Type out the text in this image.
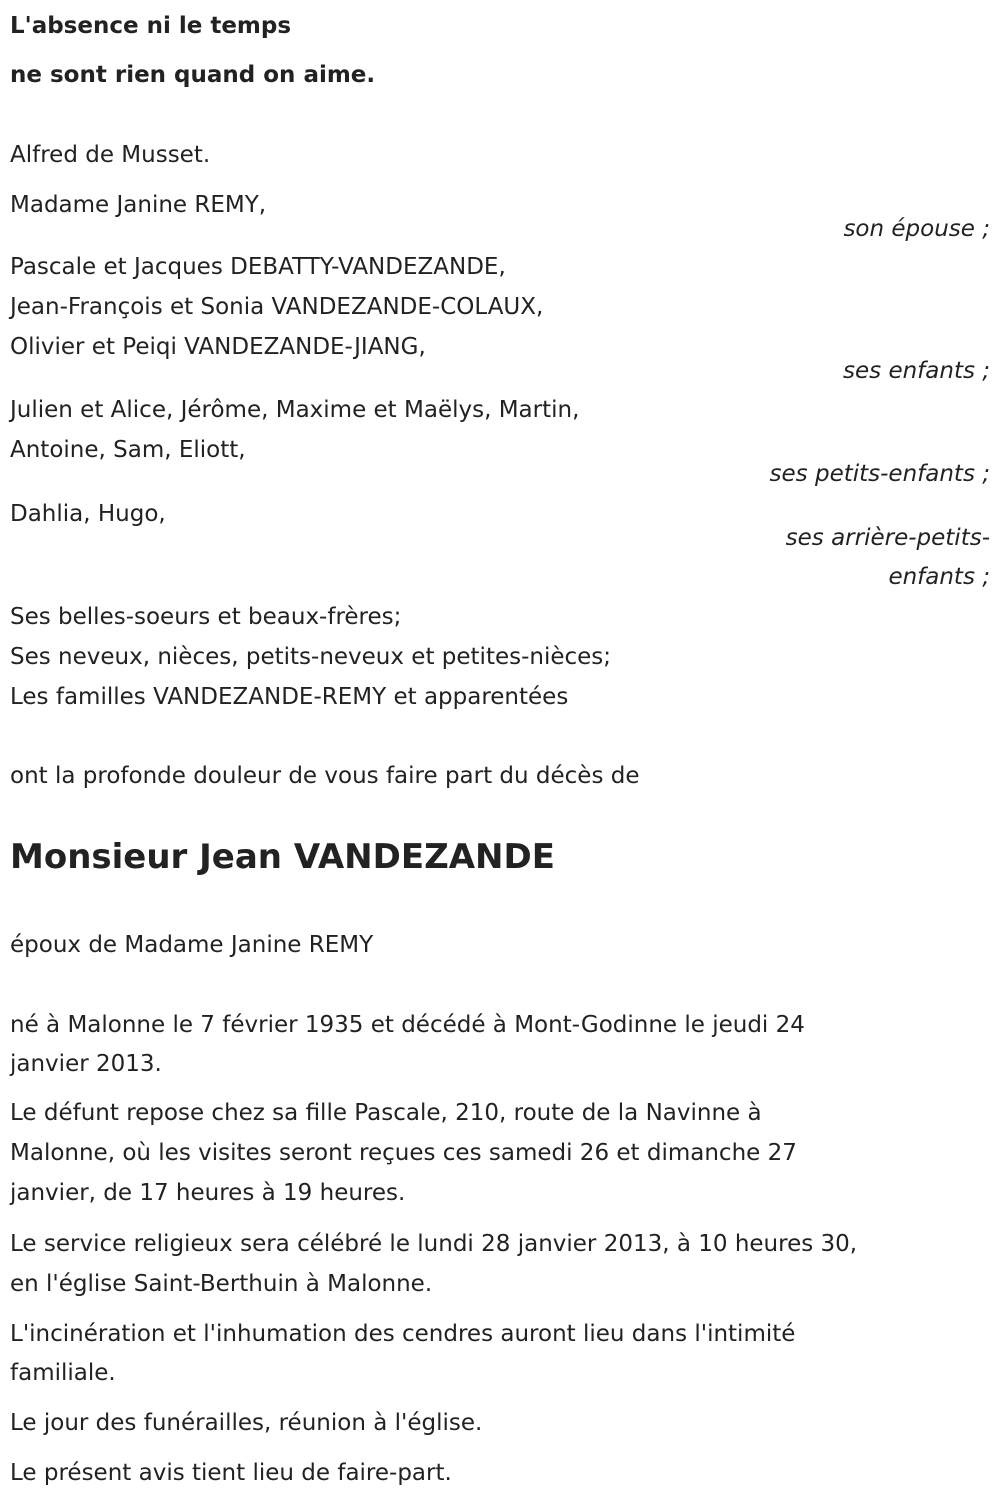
L'absence ni le temps
ne sont rien quand on aime.
Alfred de Musset.
Madame Janine REMY,
son épouse ;
Pascale et Jacques DEBATTY-VANDEZANDE,
Jean-François et Sonia VANDEZANDE-COLAUX,
Olivier et Peiqi VANDEZANDE-JIANG,
ses enfants ;
Julien et Alice, Jérôme, Maxime et Maëlys, Martin,
Antoine, Sam, Eliott,
ses petits-enfants ;
Dahlia, Hugo,
ses arrière-petits-
enfants ;
Ses belles-soeurs et beaux-frères;
Ses neveux, nièces, petits-neveux et petites-nièces;
Les familles VANDEZANDE-REMY et apparentées
ont la profonde douleur de vous faire part du décès de
Monsieur Jean VANDEZANDE
époux de Madame Janine REMY
né à Malonne le 7 février 1935 et décédé à Mont-Godinne le jeudi 24
janvier 2013.
Le défunt repose chez sa fille Pascale, 210, route de la Navinne à
Malonne, où les visites seront reçues ces samedi 26 et dimanche 27
janvier, de 17 heures à 19 heures.
Le service religieux sera célébré le lundi 28 janvier 2013, à 10 heures 30,
en l'église Saint-Berthuin à Malonne.
L'incinération et l'inhumation des cendres auront lieu dans l'intimité
familiale.
Le jour des funérailles, réunion à l'église.
Le présent avis tient lieu de faire-part.
